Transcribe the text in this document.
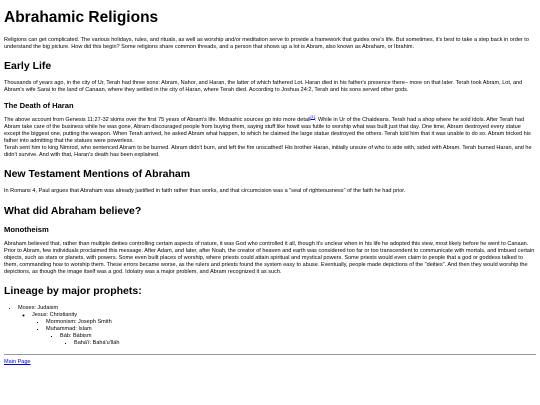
Abrahamic Religions

Religions can get complicated. The various holidays, rules, and rituals, as well as worship and/or meditation serve to provide a framework that guides one's life. But sometimes, it's best to take a step back in order to understand the big picture. How did this begin? Some religions share common threads, and a person that shows up a lot is Abram, also known as Abraham, or Ibrahim.

Early Life

Thousands of years ago, in the city of Ur, Terah had three sons: Abram, Nahor, and Haran, the latter of which fathered Lot. Haran died in his father's presence there– more on that later. Terah took Abram, Lot, and Abram's wife Sarai to the land of Canaan, where they settled in the city of Haran, where Terah died. According to Joshua 24:2, Terah and his sons served other gods.

The Death of Haran

The above account from Genesis 11:27-32 skims over the first 75 years of Abram's life. Midrashic sources go into more detail[1]: While in Ur of the Chaldeans. Terah had a shop where he sold idols. After Terah had Abram take care of the business while he was gone, Abram discouraged people from buying them, saying stuff like howit was futile to worship what was built just that day. One time, Abram destroyed every statue except the biggest one, putting the weapon. When Terah arrived, he asked Abram what happen, to which he claimed the large statue destroyed the others. Terah told him that it was unable to do so. Abram tricked his father into admitting that the statues were powerless.
Terah sent him to king Nimrod, who sentenced Abram to be burned. Abram didn't burn, and left the fire unscathed! His brother Haran, initially unsure of who to side with, sided with Abram. Terah burned Haran, and he didn't survive. And with that, Haran's death has been explained.

New Testament Mentions of Abraham

In Romans 4, Paul argues that Abraham was already justified in faith rather than works, and that circumcision was a "seal of righteousness" of the faith he had prior.

What did Abraham believe?
Monotheism

Abraham believed that, rather than multiple deities controlling certain aspects of nature, it was God who controlled it all, though it's unclear when in his life he adopted this view, most likely before he went to Canaan. Prior to Abram, few individuals proclaimed this message. After Adam, and later, after Noah, the creator of heaven and earth was considered too far or too transcendent to communicate with mortals, and imbued certain objects, such as stars or planets, with powers. Some even built places of worship, where priests could attain spiritual and mystical powers. Some priests would even claim to people that a god or goddess talked to them, commanding how to worship them. These errors became worse, as the rulers and priests found the system easy to abuse. Eventually, people made depictions of the "deities". And then they would worship the depictions, as though the image itself was a god. Idolatry was a major problem, and Abram recognized it as such.

Lineage by major prophets:
• Moses: Judaism
◦ Jesus: Christianity
▪ Mormonism: Joseph Smith
▪ Muhammad: Islam
▪ Báb: Bábism
▪ Bahá'í: Bahá'u'lláh
Main Page
